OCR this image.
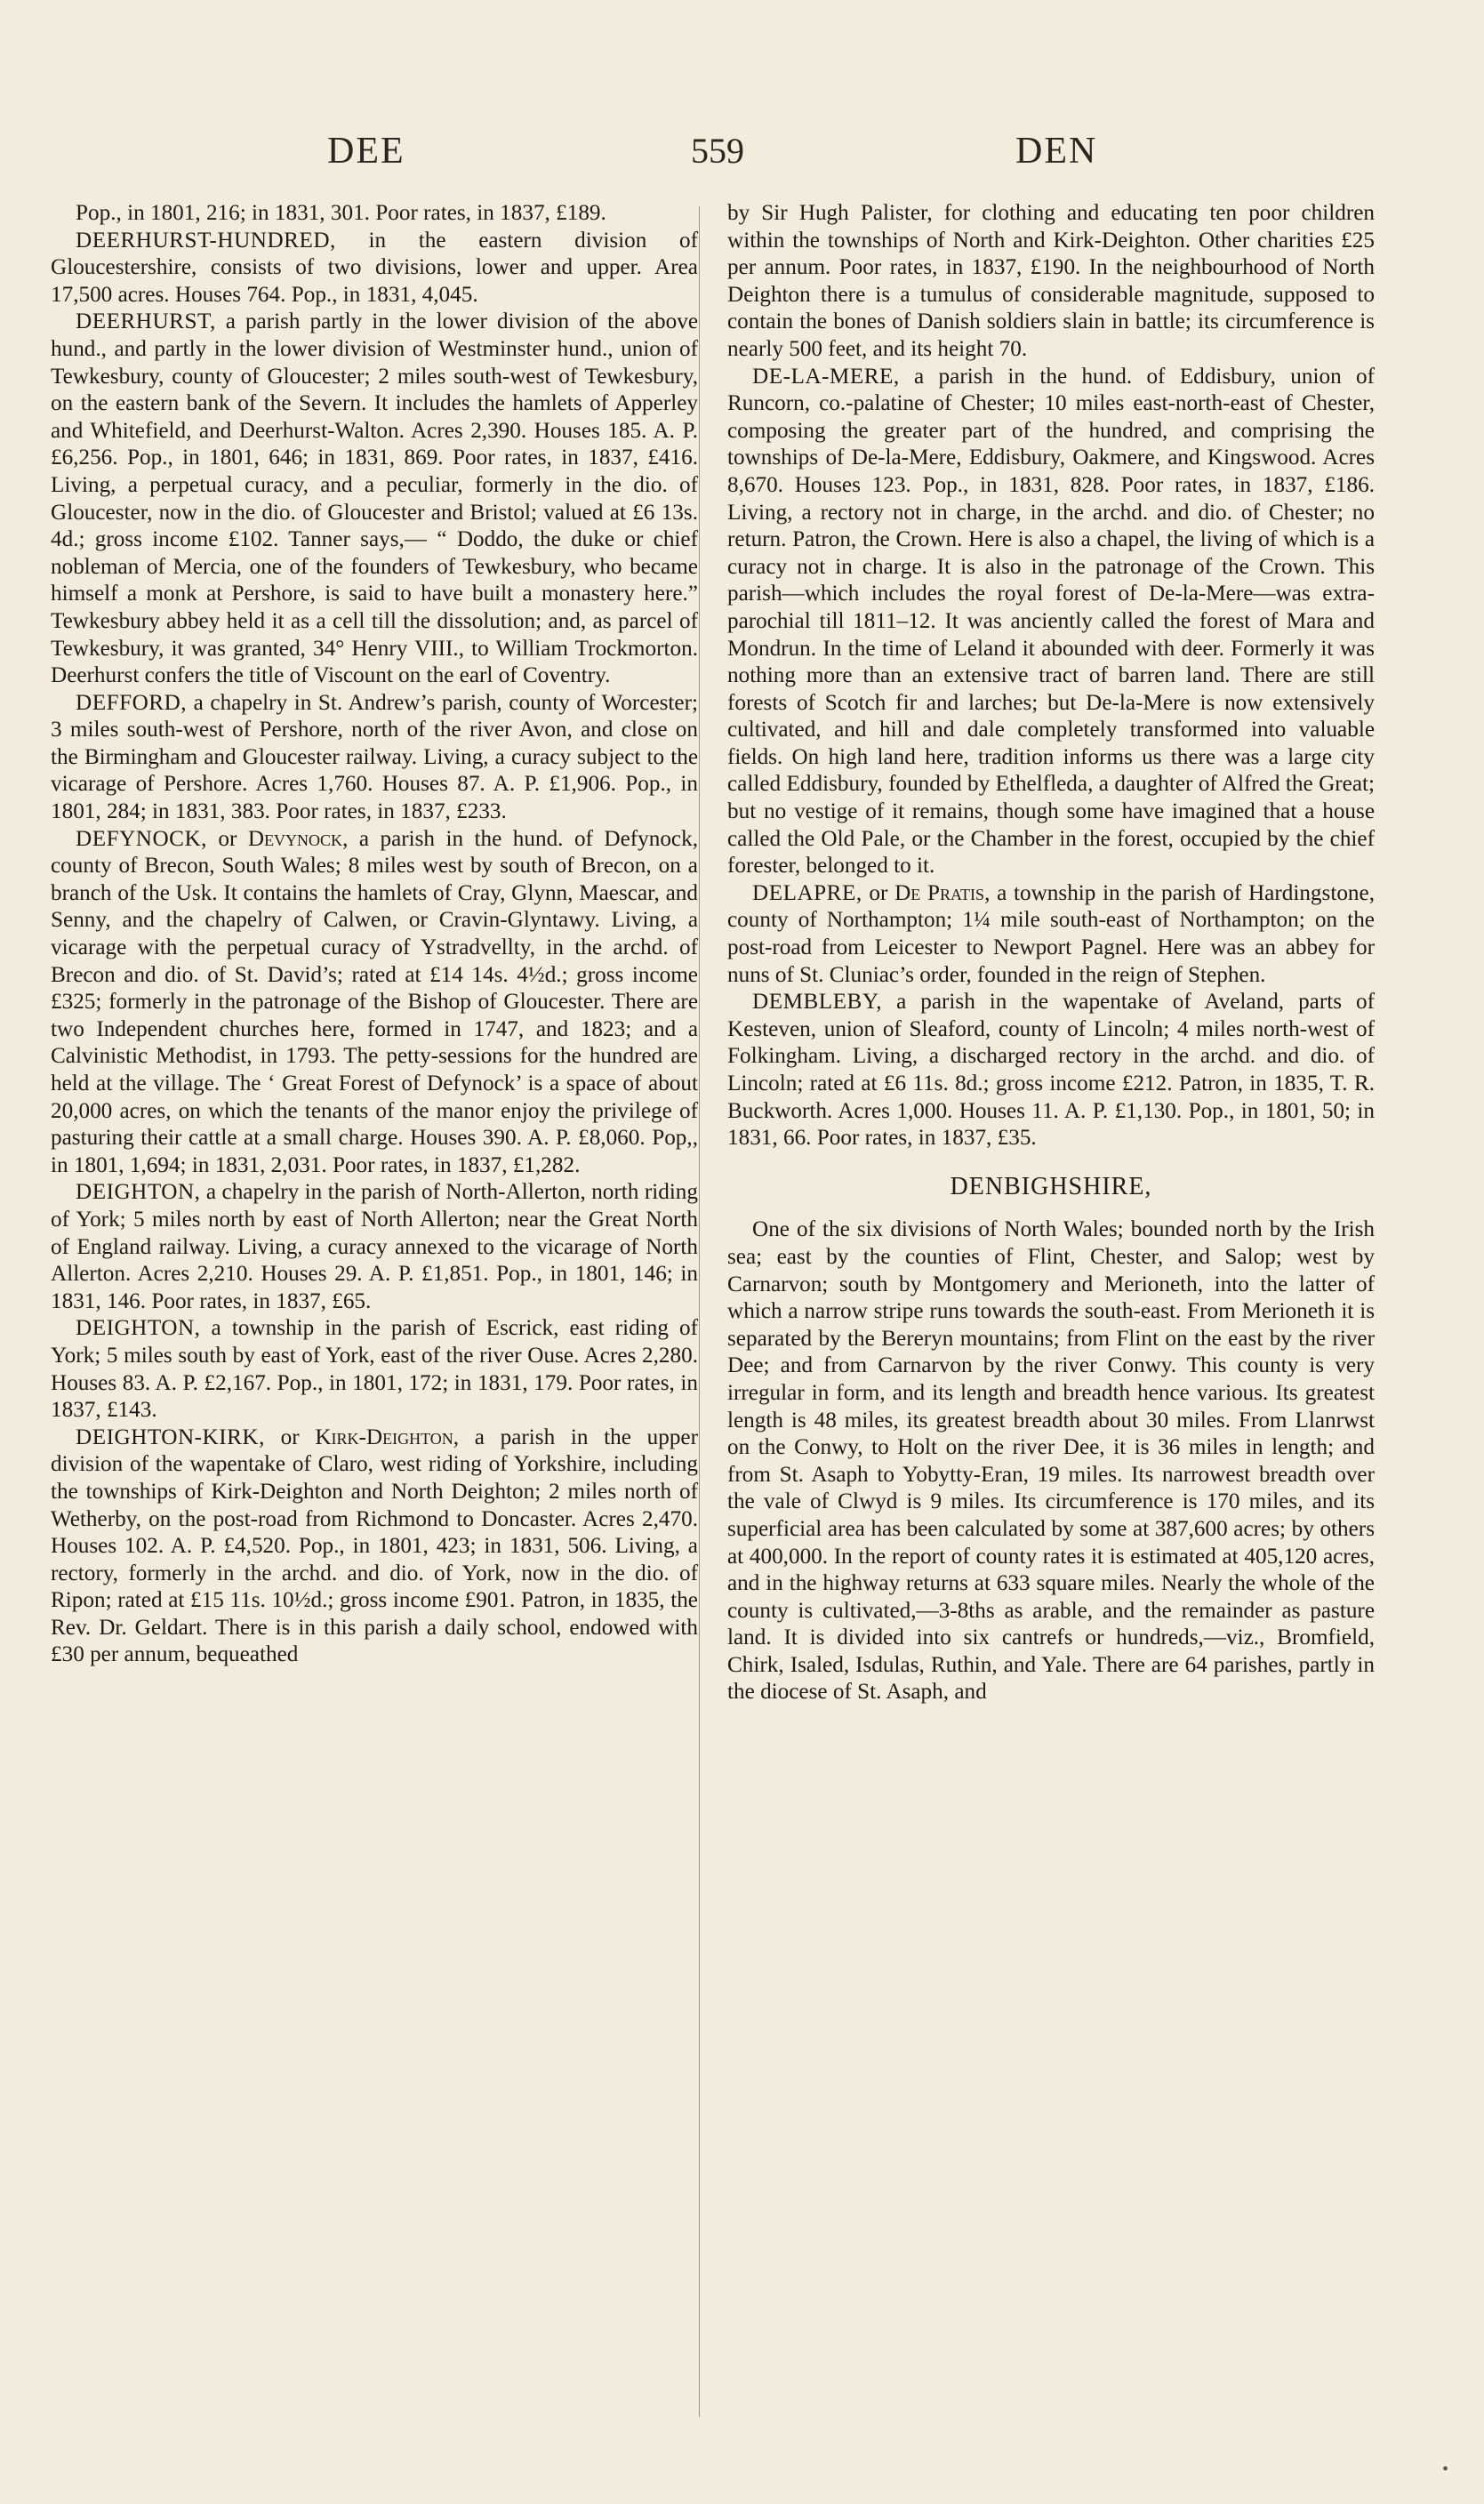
DEE	559	DEN

Pop., in 1801, 216; in 1831, 301. Poor rates, in 1837, £189.

DEERHURST-HUNDRED, in the eastern division of Gloucestershire, consists of two divisions, lower and upper. Area 17,500 acres. Houses 764. Pop., in 1831, 4,045.

DEERHURST, a parish partly in the lower division of the above hund., and partly in the lower division of Westminster hund., union of Tewkesbury, county of Gloucester; 2 miles south-west of Tewkesbury, on the eastern bank of the Severn. It includes the hamlets of Apperley and Whitefield, and Deerhurst-Walton. Acres 2,390. Houses 185. A. P. £6,256. Pop., in 1801, 646; in 1831, 869. Poor rates, in 1837, £416. Living, a perpetual curacy, and a peculiar, formerly in the dio. of Gloucester, now in the dio. of Gloucester and Bristol; valued at £6 13s. 4d.; gross income £102. Tanner says,— “ Doddo, the duke or chief nobleman of Mercia, one of the founders of Tewkesbury, who became himself a monk at Pershore, is said to have built a monastery here.” Tewkesbury abbey held it as a cell till the dissolution; and, as parcel of Tewkesbury, it was granted, 34° Henry VIII., to William Trockmorton. Deerhurst confers the title of Viscount on the earl of Coventry.

DEFFORD, a chapelry in St. Andrew’s parish, county of Worcester; 3 miles south-west of Pershore, north of the river Avon, and close on the Birmingham and Gloucester railway. Living, a curacy subject to the vicarage of Pershore. Acres 1,760. Houses 87. A. P. £1,906. Pop., in 1801, 284; in 1831, 383. Poor rates, in 1837, £233.

DEFYNOCK, or Devynock, a parish in the hund. of Defynock, county of Brecon, South Wales; 8 miles west by south of Brecon, on a branch of the Usk. It contains the hamlets of Cray, Glynn, Maescar, and Senny, and the chapelry of Calwen, or Cravin-Glyntawy. Living, a vicarage with the perpetual curacy of Ystradvellty, in the archd. of Brecon and dio. of St. David’s; rated at £14 14s. 4½d.; gross income £325; formerly in the patronage of the Bishop of Gloucester. There are two Independent churches here, formed in 1747, and 1823; and a Calvinistic Methodist, in 1793. The petty-sessions for the hundred are held at the village. The ‘ Great Forest of Defynock’ is a space of about 20,000 acres, on which the tenants of the manor enjoy the privilege of pasturing their cattle at a small charge. Houses 390. A. P. £8,060. Pop,, in 1801, 1,694; in 1831, 2,031. Poor rates, in 1837, £1,282.

DEIGHTON, a chapelry in the parish of North-Allerton, north riding of York; 5 miles north by east of North Allerton; near the Great North of England railway. Living, a curacy annexed to the vicarage of North Allerton. Acres 2,210. Houses 29. A. P. £1,851. Pop., in 1801, 146; in 1831, 146. Poor rates, in 1837, £65.

DEIGHTON, a township in the parish of Escrick, east riding of York; 5 miles south by east of York, east of the river Ouse. Acres 2,280. Houses 83. A. P. £2,167. Pop., in 1801, 172; in 1831, 179. Poor rates, in 1837, £143.

DEIGHTON-KIRK, or Kirk-Deighton, a parish in the upper division of the wapentake of Claro, west riding of Yorkshire, including the townships of Kirk-Deighton and North Deighton; 2 miles north of Wetherby, on the post-road from Richmond to Doncaster. Acres 2,470. Houses 102. A. P. £4,520. Pop., in 1801, 423; in 1831, 506. Living, a rectory, formerly in the archd. and dio. of York, now in the dio. of Ripon; rated at £15 11s. 10½d.; gross income £901. Patron, in 1835, the Rev. Dr. Geldart. There is in this parish a daily school, endowed with £30 per annum, bequeathed

by Sir Hugh Palister, for clothing and educating ten poor children within the townships of North and Kirk-Deighton. Other charities £25 per annum. Poor rates, in 1837, £190. In the neighbourhood of North Deighton there is a tumulus of considerable magnitude, supposed to contain the bones of Danish soldiers slain in battle; its circumference is nearly 500 feet, and its height 70.

DE-LA-MERE, a parish in the hund. of Eddisbury, union of Runcorn, co.-palatine of Chester; 10 miles east-north-east of Chester, composing the greater part of the hundred, and comprising the townships of De-la-Mere, Eddisbury, Oakmere, and Kingswood. Acres 8,670. Houses 123. Pop., in 1831, 828. Poor rates, in 1837, £186. Living, a rectory not in charge, in the archd. and dio. of Chester; no return. Patron, the Crown. Here is also a chapel, the living of which is a curacy not in charge. It is also in the patronage of the Crown. This parish—which includes the royal forest of De-la-Mere—was extra-parochial till 1811–12. It was anciently called the forest of Mara and Mondrun. In the time of Leland it abounded with deer. Formerly it was nothing more than an extensive tract of barren land. There are still forests of Scotch fir and larches; but De-la-Mere is now extensively cultivated, and hill and dale completely transformed into valuable fields. On high land here, tradition informs us there was a large city called Eddisbury, founded by Ethelfleda, a daughter of Alfred the Great; but no vestige of it remains, though some have imagined that a house called the Old Pale, or the Chamber in the forest, occupied by the chief forester, belonged to it.

DELAPRE, or De Pratis, a township in the parish of Hardingstone, county of Northampton; 1¼ mile south-east of Northampton; on the post-road from Leicester to Newport Pagnel. Here was an abbey for nuns of St. Cluniac’s order, founded in the reign of Stephen.

DEMBLEBY, a parish in the wapentake of Aveland, parts of Kesteven, union of Sleaford, county of Lincoln; 4 miles north-west of Folkingham. Living, a discharged rectory in the archd. and dio. of Lincoln; rated at £6 11s. 8d.; gross income £212. Patron, in 1835, T. R. Buckworth. Acres 1,000. Houses 11. A. P. £1,130. Pop., in 1801, 50; in 1831, 66. Poor rates, in 1837, £35.

DENBIGHSHIRE,

One of the six divisions of North Wales; bounded north by the Irish sea; east by the counties of Flint, Chester, and Salop; west by Carnarvon; south by Montgomery and Merioneth, into the latter of which a narrow stripe runs towards the south-east. From Merioneth it is separated by the Bereryn mountains; from Flint on the east by the river Dee; and from Carnarvon by the river Conwy. This county is very irregular in form, and its length and breadth hence various. Its greatest length is 48 miles, its greatest breadth about 30 miles. From Llanrwst on the Conwy, to Holt on the river Dee, it is 36 miles in length; and from St. Asaph to Yobytty-Eran, 19 miles. Its narrowest breadth over the vale of Clwyd is 9 miles. Its circumference is 170 miles, and its superficial area has been calculated by some at 387,600 acres; by others at 400,000. In the report of county rates it is estimated at 405,120 acres, and in the highway returns at 633 square miles. Nearly the whole of the county is cultivated,—3-8ths as arable, and the remainder as pasture land. It is divided into six cantrefs or hundreds,—viz., Bromfield, Chirk, Isaled, Isdulas, Ruthin, and Yale. There are 64 parishes, partly in the diocese of St. Asaph, and

•
